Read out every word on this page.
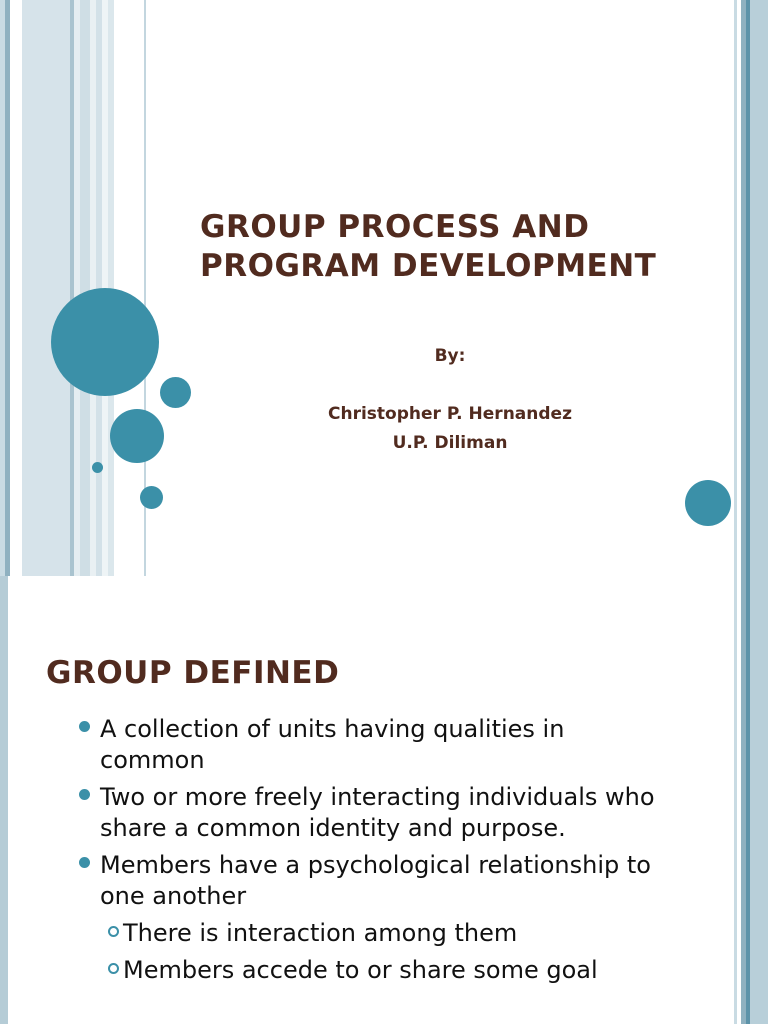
GROUP PROCESS AND
PROGRAM DEVELOPMENT

By:

Christopher P. Hernandez

U.P. Diliman

GROUP DEFINED
A collection of units having qualities in common
Two or more freely interacting individuals who share a common identity and purpose.
Members have a psychological relationship to one another
There is interaction among them
Members accede to or share some goal
